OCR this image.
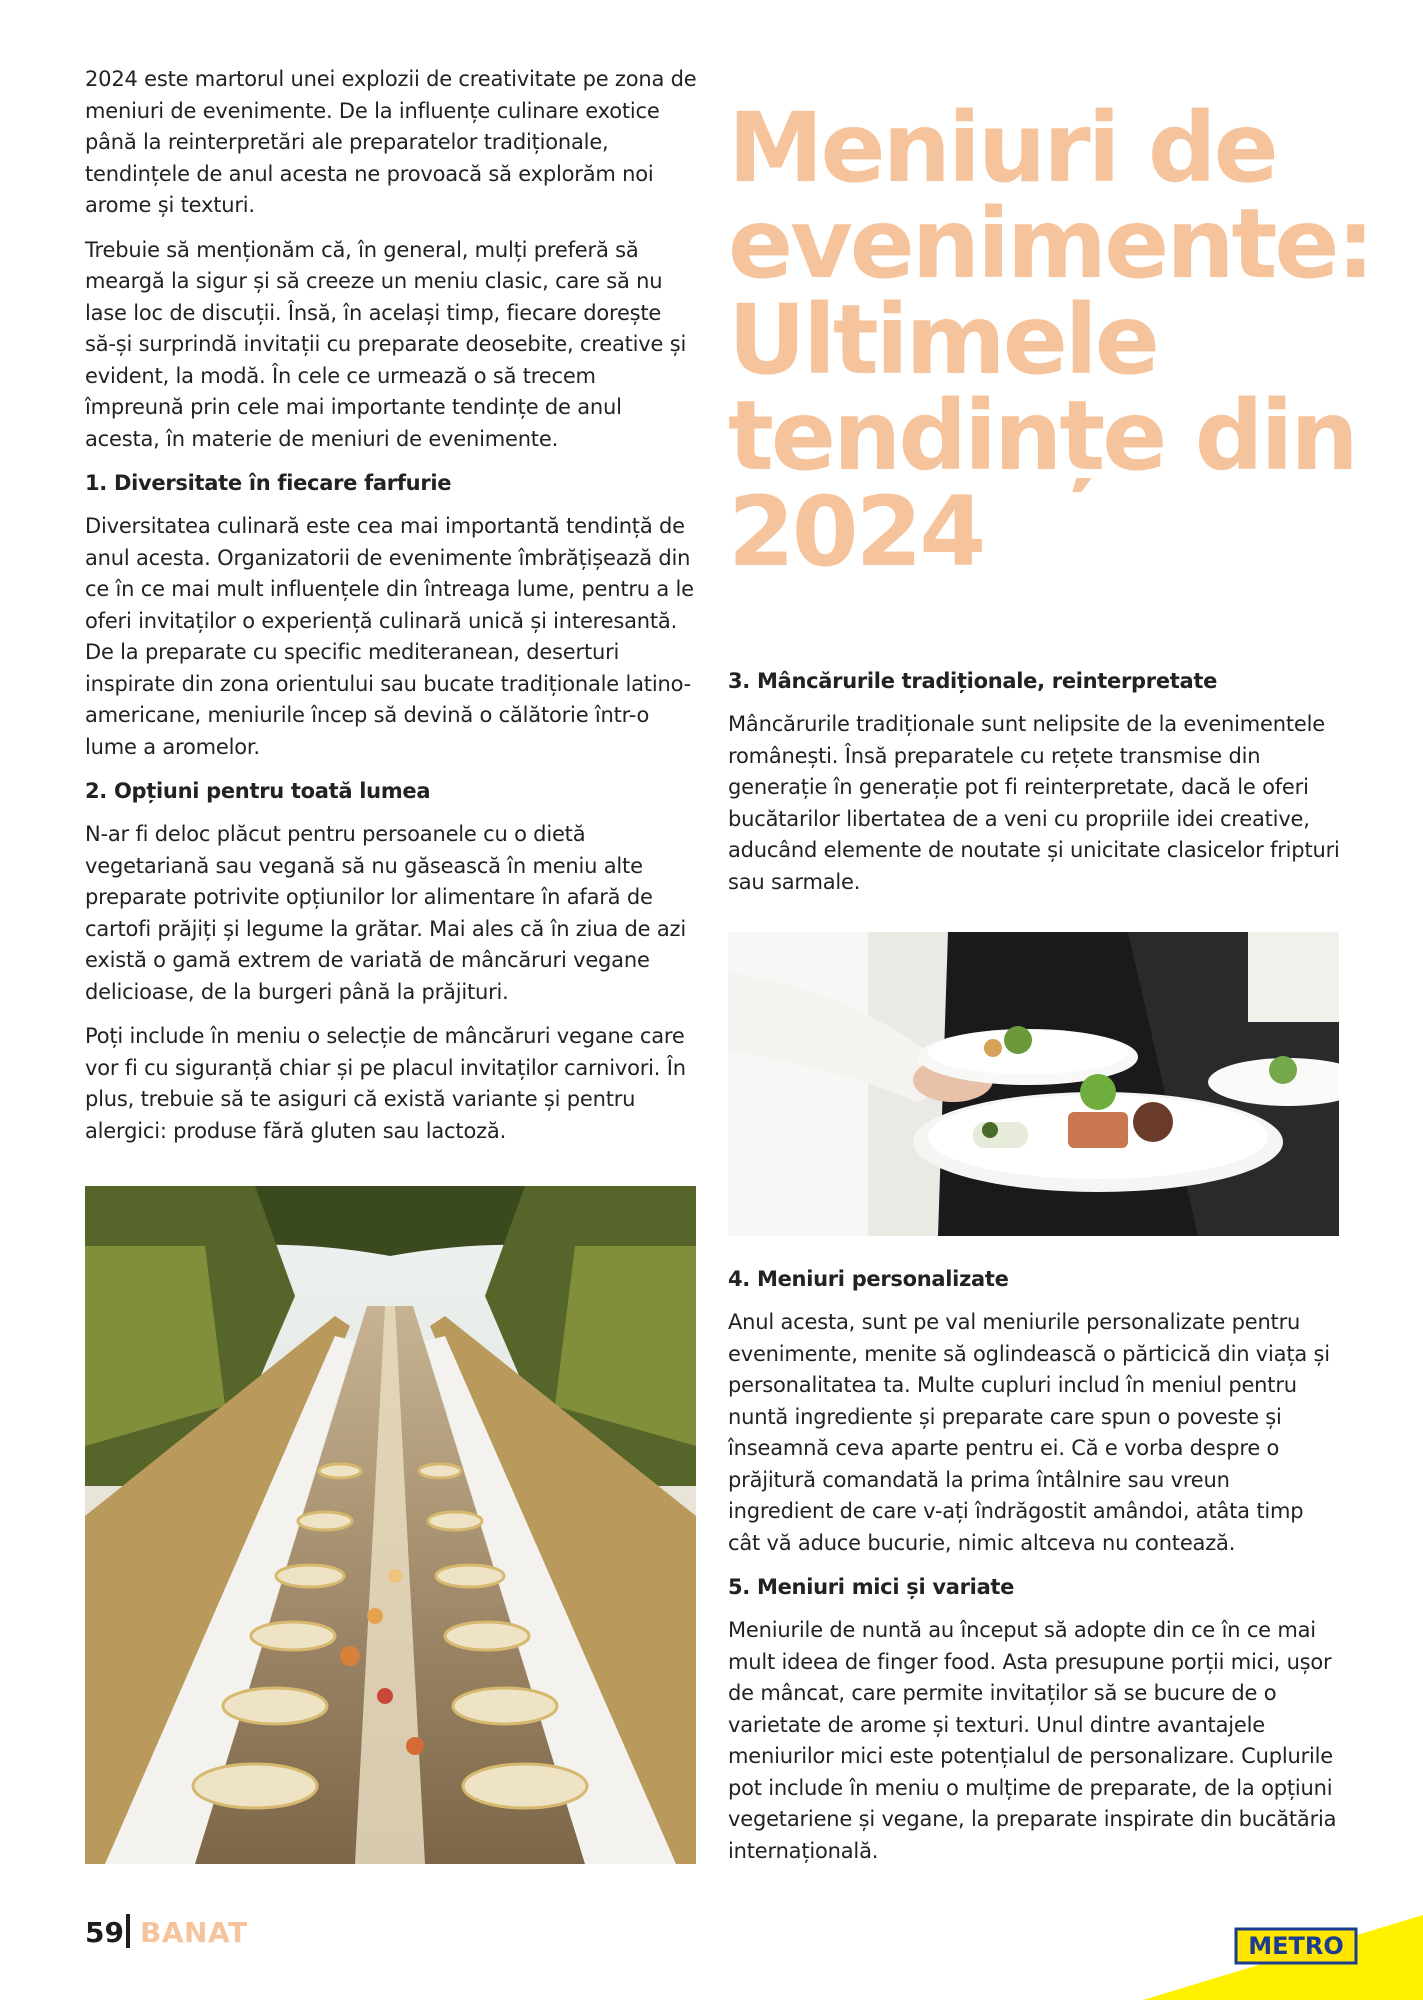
2024 este martorul unei explozii de creativitate pe zona de meniuri de evenimente. De la influențe culinare exotice până la reinterpretări ale preparatelor tradiționale, tendințele de anul acesta ne provoacă să explorăm noi arome și texturi.

Trebuie să menționăm că, în general, mulți preferă să meargă la sigur și să creeze un meniu clasic, care să nu lase loc de discuții. Însă, în același timp, fiecare dorește să-și surprindă invitații cu preparate deosebite, creative și evident, la modă. În cele ce urmează o să trecem împreună prin cele mai importante tendințe de anul acesta, în materie de meniuri de evenimente.

1. Diversitate în fiecare farfurie

Diversitatea culinară este cea mai importantă tendință de anul acesta. Organizatorii de evenimente îmbrățișează din ce în ce mai mult influențele din întreaga lume, pentru a le oferi invitaților o experiență culinară unică și interesantă. De la preparate cu specific mediteranean, deserturi inspirate din zona orientului sau bucate tradiționale latino-americane, meniurile încep să devină o călătorie într-o lume a aromelor.

2. Opțiuni pentru toată lumea

N-ar fi deloc plăcut pentru persoanele cu o dietă vegetariană sau vegană să nu găsească în meniu alte preparate potrivite opțiunilor lor alimentare în afară de cartofi prăjiți și legume la grătar. Mai ales că în ziua de azi există o gamă extrem de variată de mâncăruri vegane delicioase, de la burgeri până la prăjituri.

Poți include în meniu o selecție de mâncăruri vegane care vor fi cu siguranță chiar și pe placul invitaților carnivori. În plus, trebuie să te asiguri că există variante și pentru alergici: produse fără gluten sau lactoză.

Meniuri de
evenimente:
Ultimele
tendințe din
2024
3. Mâncărurile tradiționale, reinterpretate

Mâncărurile tradiționale sunt nelipsite de la evenimentele românești. Însă preparatele cu rețete transmise din generație în generație pot fi reinterpretate, dacă le oferi bucătarilor libertatea de a veni cu propriile idei creative, aducând elemente de noutate și unicitate clasicelor fripturi sau sarmale.

4. Meniuri personalizate

Anul acesta, sunt pe val meniurile personalizate pentru evenimente, menite să oglindească o părticică din viața și personalitatea ta. Multe cupluri includ în meniul pentru nuntă ingrediente și preparate care spun o poveste și înseamnă ceva aparte pentru ei. Că e vorba despre o prăjitură comandată la prima întâlnire sau vreun ingredient de care v-ați îndrăgostit amândoi, atâta timp cât vă aduce bucurie, nimic altceva nu contează.

5. Meniuri mici și variate

Meniurile de nuntă au început să adopte din ce în ce mai mult ideea de finger food. Asta presupune porții mici, ușor de mâncat, care permite invitaților să se bucure de o varietate de arome și texturi. Unul dintre avantajele meniurilor mici este potențialul de personalizare. Cuplurile pot include în meniu o mulțime de preparate, de la opțiuni vegetariene și vegane, la preparate inspirate din bucătăria internațională.

59 BANAT	METRO
